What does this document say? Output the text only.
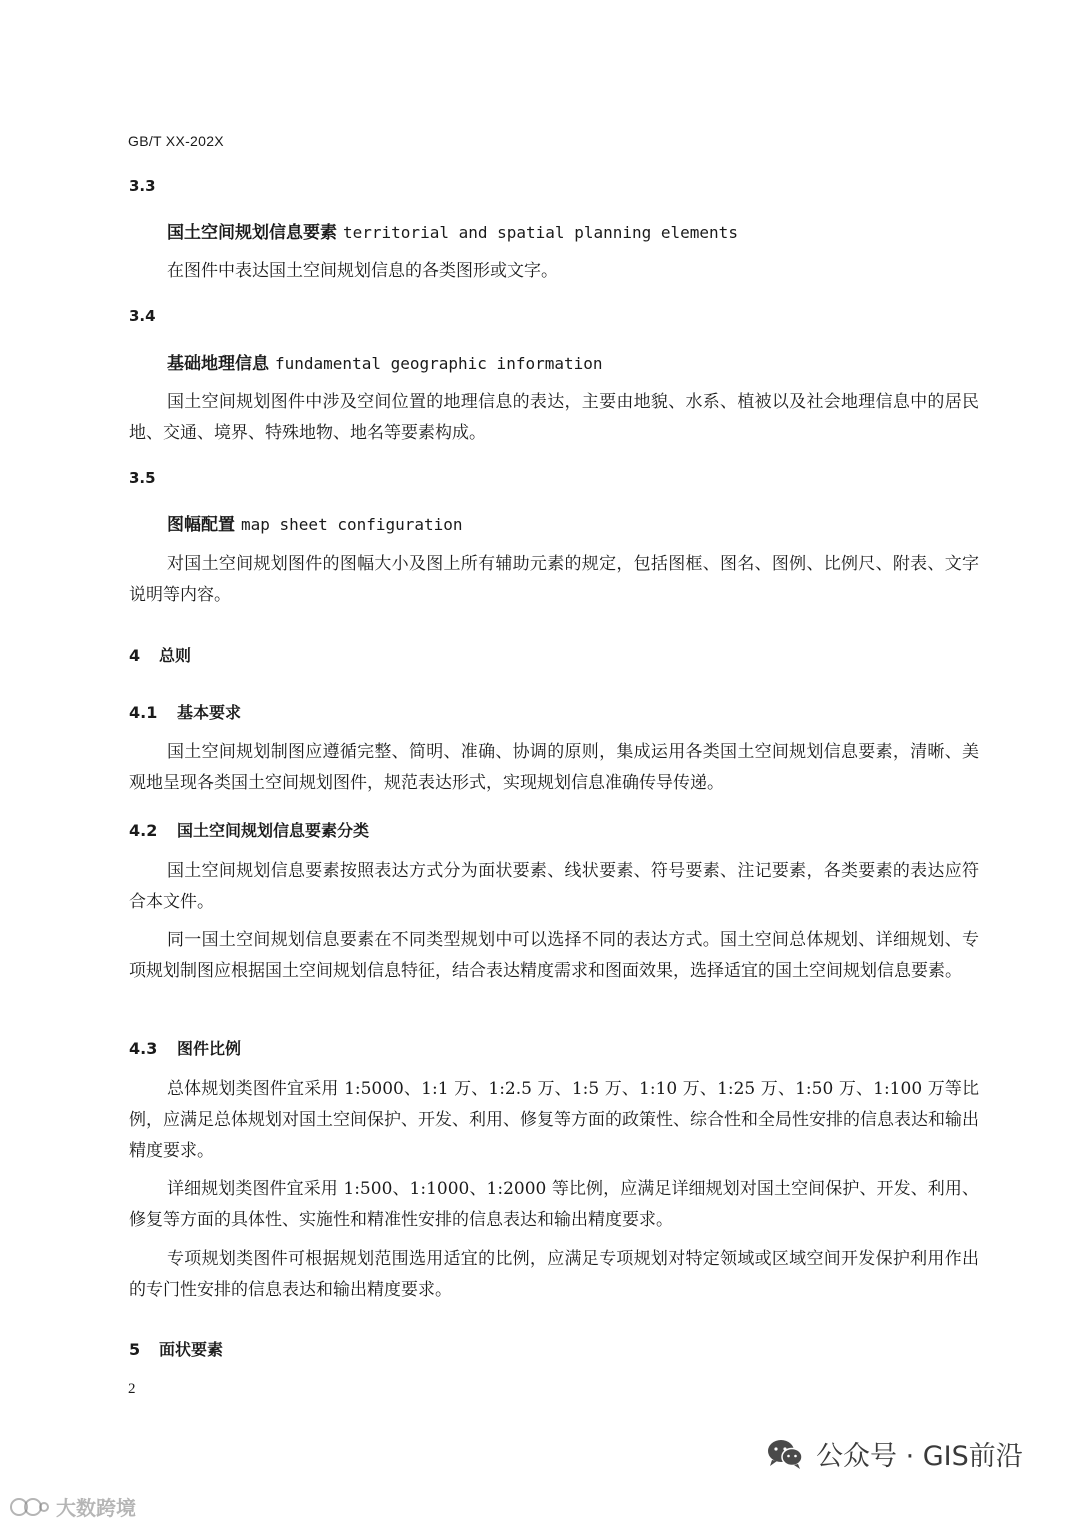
GB/T XX-202X
3.3
国土空间规划信息要素 territorial and spatial planning elements
在图件中表达国土空间规划信息的各类图形或文字。
3.4
基础地理信息 fundamental geographic information
国土空间规划图件中涉及空间位置的地理信息的表达，主要由地貌、水系、植被以及社会地理信息中的居民地、交通、境界、特殊地物、地名等要素构成。
3.5
图幅配置 map sheet configuration
对国土空间规划图件的图幅大小及图上所有辅助元素的规定，包括图框、图名、图例、比例尺、附表、文字说明等内容。
4 总则
4.1 基本要求
国土空间规划制图应遵循完整、简明、准确、协调的原则，集成运用各类国土空间规划信息要素，清晰、美观地呈现各类国土空间规划图件，规范表达形式，实现规划信息准确传导传递。
4.2 国土空间规划信息要素分类
国土空间规划信息要素按照表达方式分为面状要素、线状要素、符号要素、注记要素，各类要素的表达应符合本文件。
同一国土空间规划信息要素在不同类型规划中可以选择不同的表达方式。国土空间总体规划、详细规划、专项规划制图应根据国土空间规划信息特征，结合表达精度需求和图面效果，选择适宜的国土空间规划信息要素。
4.3 图件比例
总体规划类图件宜采用 1:5000、1:1 万、1:2.5 万、1:5 万、1:10 万、1:25 万、1:50 万、1:100 万等比例，应满足总体规划对国土空间保护、开发、利用、修复等方面的政策性、综合性和全局性安排的信息表达和输出精度要求。
详细规划类图件宜采用 1:500、1:1000、1:2000 等比例，应满足详细规划对国土空间保护、开发、利用、修复等方面的具体性、实施性和精准性安排的信息表达和输出精度要求。
专项规划类图件可根据规划范围选用适宜的比例，应满足专项规划对特定领域或区域空间开发保护利用作出的专门性安排的信息表达和输出精度要求。
5 面状要素
2
大数跨境
公众号 · GIS前沿
